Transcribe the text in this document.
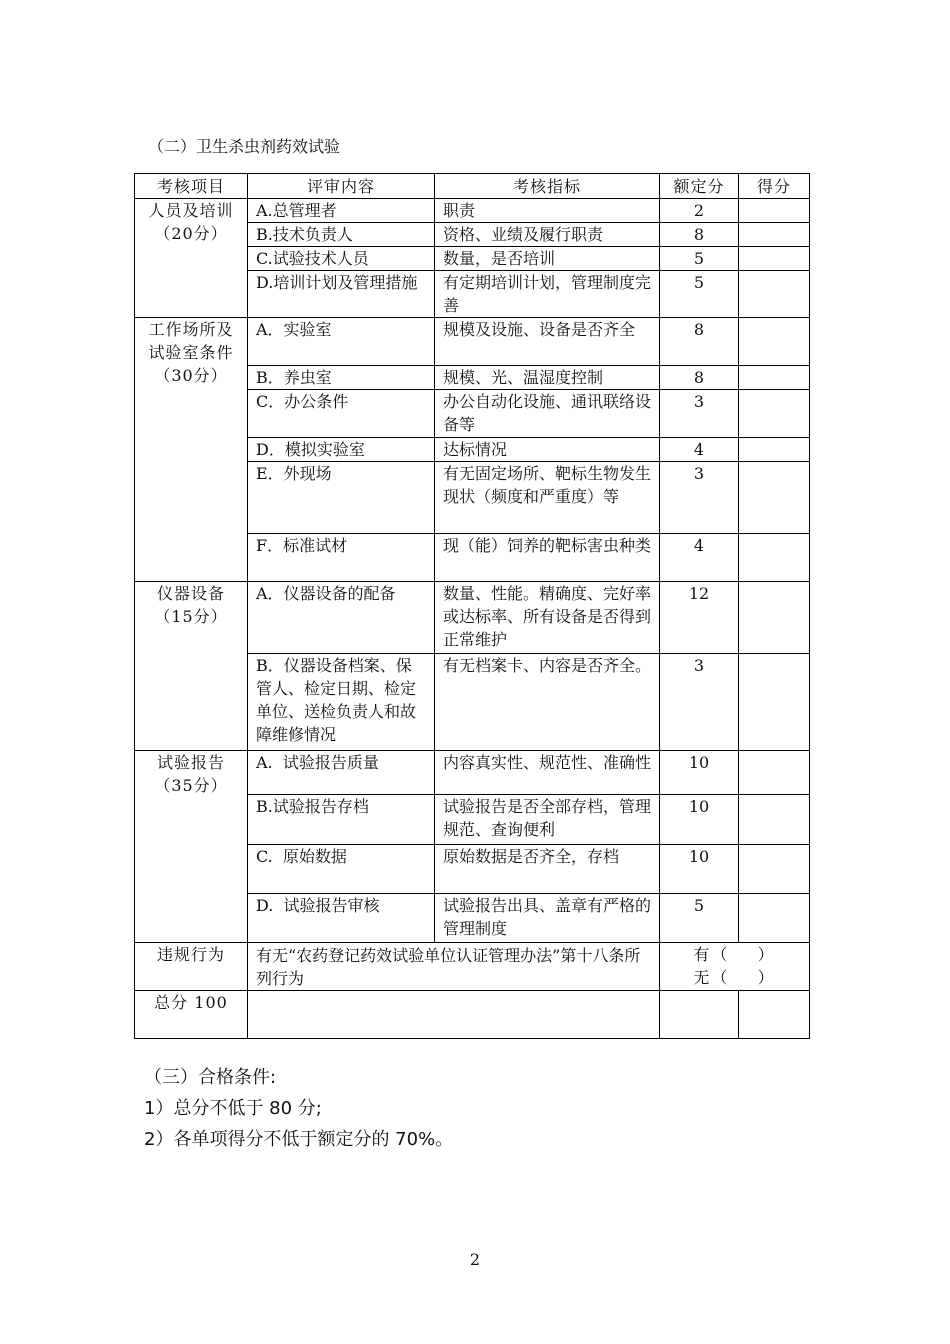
（二）卫生杀虫剂药效试验
考核项目	评审内容	考核指标	额定分	得分
人员及培训
（20分）	A.总管理者	职责	2	
	B.技术负责人	资格、业绩及履行职责	8	
	C.试验技术人员	数量，是否培训	5	
	D.培训计划及管理措施	有定期培训计划，管理制度完善	5	
工作场所及试验室条件（30分）	A．实验室	规模及设施、设备是否齐全	8	
	B．养虫室	规模、光、温湿度控制	8	
	C．办公条件	办公自动化设施、通讯联络设备等	3	
	D．模拟实验室	达标情况	4	
	E．外现场	有无固定场所、靶标生物发生现状（频度和严重度）等	3	
	F．标准试材	现（能）饲养的靶标害虫种类	4	
仪器设备
（15分）	A．仪器设备的配备	数量、性能。精确度、完好率或达标率、所有设备是否得到正常维护	12	
	B．仪器设备档案、保管人、检定日期、检定单位、送检负责人和故障维修情况	有无档案卡、内容是否齐全。	3	
试验报告
（35分）	A.  试验报告质量	内容真实性、规范性、准确性	10	
	B.试验报告存档	试验报告是否全部存档，管理规范、查询便利	10	
	C.  原始数据	原始数据是否齐全，存档	10	
	D.  试验报告审核	试验报告出具、盖章有严格的管理制度	5	
违规行为	有无“农药登记药效试验单位认证管理办法”第十八条所列行为		有（    ）
无（    ）	

总分 100				
（三）合格条件:
1）总分不低于 80 分;
2）各单项得分不低于额定分的 70%。
2
